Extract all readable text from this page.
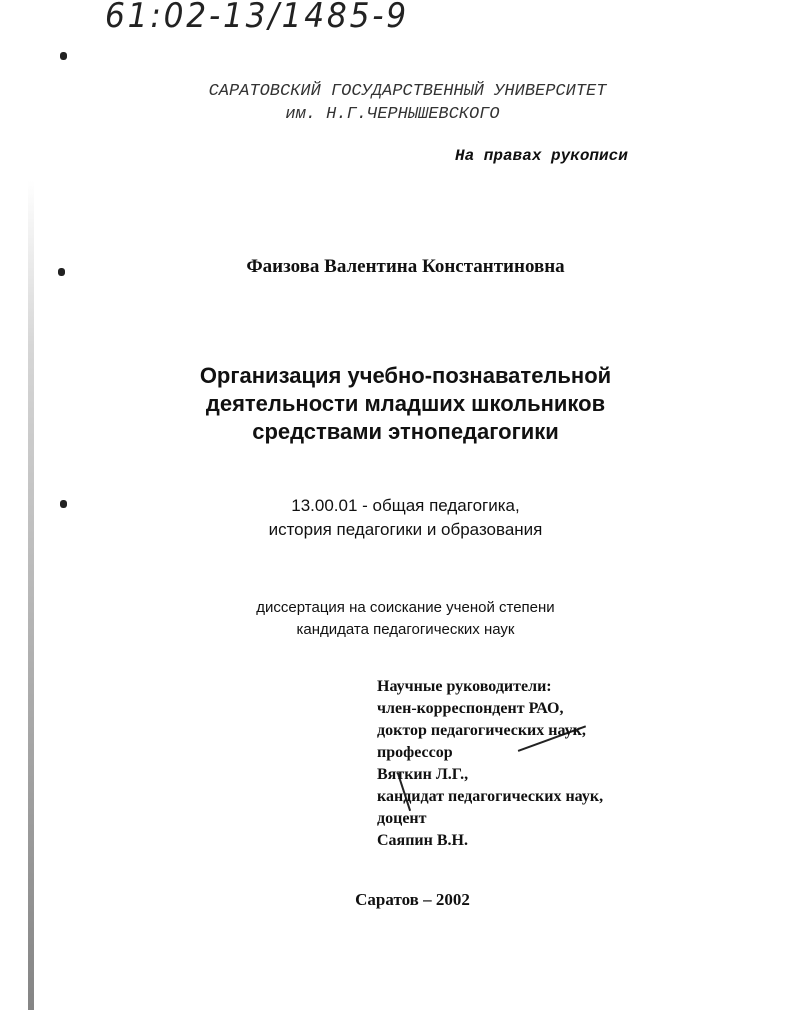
61:02-13/1485-9
САРАТОВСКИЙ ГОСУДАРСТВЕННЫЙ УНИВЕРСИТЕТ
им. Н.Г.ЧЕРНЫШЕВСКОГО
На правах рукописи
Фаизова Валентина Константиновна
Организация учебно-познавательной
деятельности младших школьников
средствами этнопедагогики
13.00.01 - общая педагогика,
история педагогики и образования
диссертация на соискание ученой степени
кандидата педагогических наук
Научные руководители:
член-корреспондент РАО,
доктор педагогических наук,
профессор
Вяткин Л.Г.,
кандидат педагогических наук,
доцент
Саяпин В.Н.
Саратов – 2002
